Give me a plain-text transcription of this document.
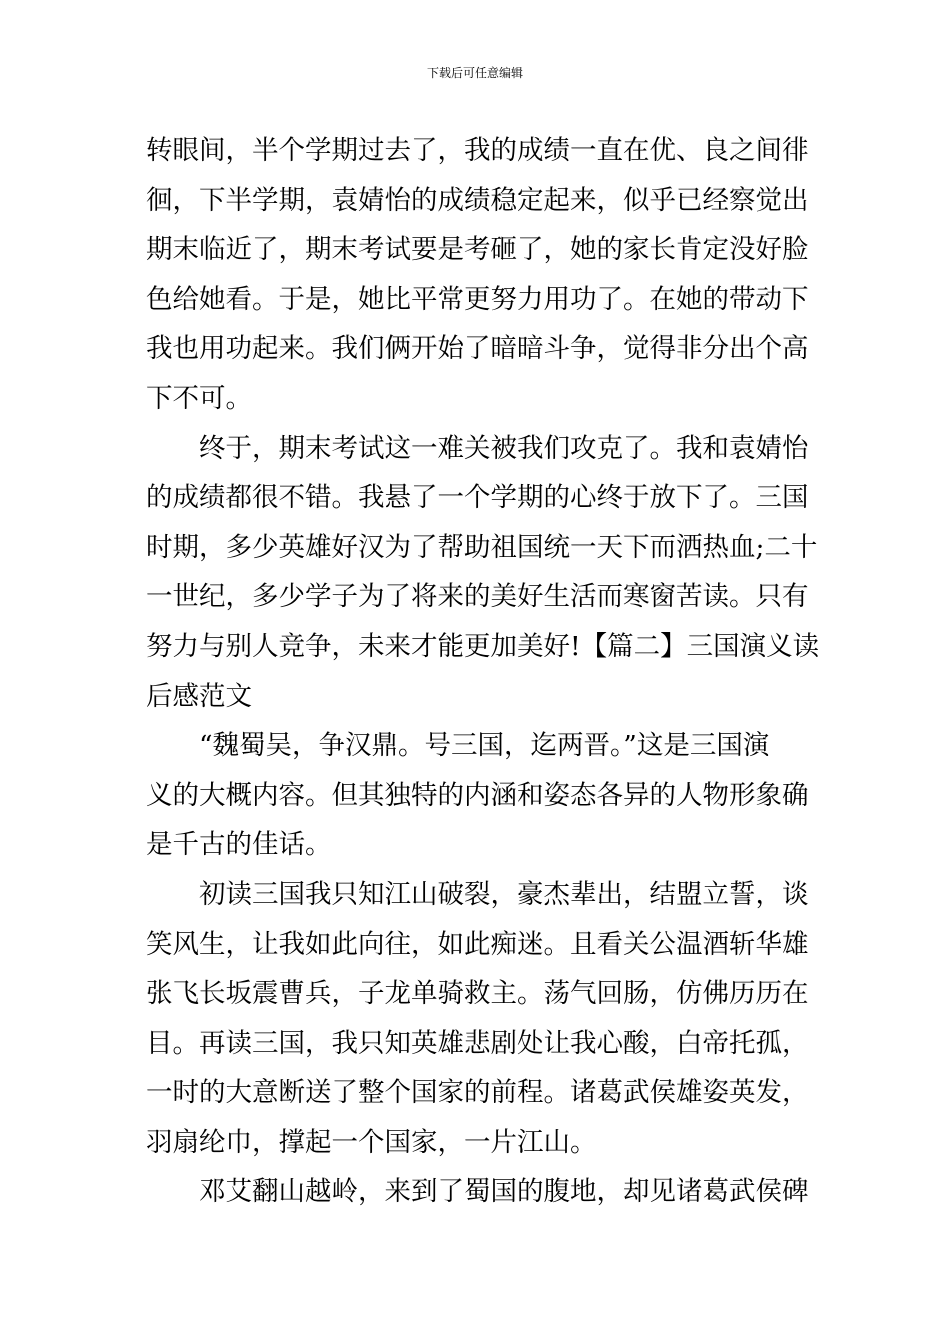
下载后可任意编辑
转眼间，半个学期过去了，我的成绩一直在优、良之间徘
徊，下半学期，袁婧怡的成绩稳定起来，似乎已经察觉出
期末临近了，期末考试要是考砸了，她的家长肯定没好脸
色给她看。于是，她比平常更努力用功了。在她的带动下
我也用功起来。我们俩开始了暗暗斗争，觉得非分出个高
下不可。
终于，期末考试这一难关被我们攻克了。我和袁婧怡
的成绩都很不错。我悬了一个学期的心终于放下了。三国
时期，多少英雄好汉为了帮助祖国统一天下而洒热血;二十
一世纪，多少学子为了将来的美好生活而寒窗苦读。只有
努力与别人竞争，未来才能更加美好!【篇二】三国演义读
后感范文
“魏蜀吴，争汉鼎。号三国，迄两晋。”这是三国演
义的大概内容。但其独特的内涵和姿态各异的人物形象确
是千古的佳话。
初读三国我只知江山破裂，豪杰辈出，结盟立誓，谈
笑风生，让我如此向往，如此痴迷。且看关公温酒斩华雄
张飞长坂震曹兵，子龙单骑救主。荡气回肠，仿佛历历在
目。再读三国，我只知英雄悲剧处让我心酸，白帝托孤，
一时的大意断送了整个国家的前程。诸葛武侯雄姿英发，
羽扇纶巾，撑起一个国家，一片江山。
邓艾翻山越岭，来到了蜀国的腹地，却见诸葛武侯碑
